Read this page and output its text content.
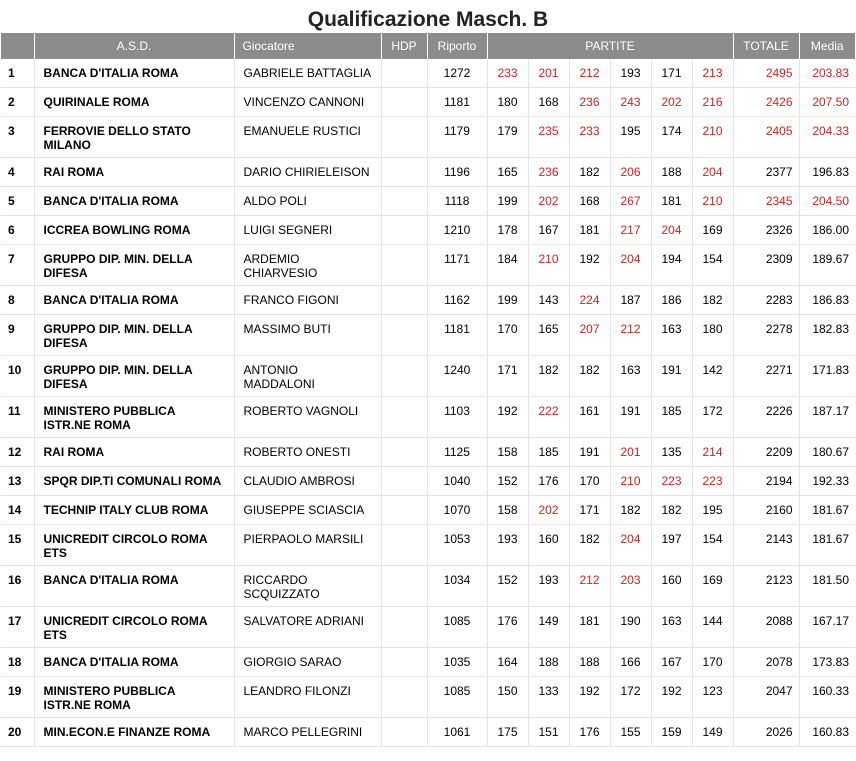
Qualificazione Masch. B
	A.S.D.	Giocatore	HDP	Riporto	PARTITE						TOTALE	Media
1	BANCA D'ITALIA ROMA	GABRIELE BATTAGLIA		1272	233	201	212	193	171	213	2495	203.83
2	QUIRINALE ROMA	VINCENZO CANNONI		1181	180	168	236	243	202	216	2426	207.50
3	FERROVIE DELLO STATO MILANO	EMANUELE RUSTICI		1179	179	235	233	195	174	210	2405	204.33
4	RAI ROMA	DARIO CHIRIELEISON		1196	165	236	182	206	188	204	2377	196.83
5	BANCA D'ITALIA ROMA	ALDO POLI		1118	199	202	168	267	181	210	2345	204.50
6	ICCREA BOWLING ROMA	LUIGI SEGNERI		1210	178	167	181	217	204	169	2326	186.00
7	GRUPPO DIP. MIN. DELLA DIFESA	ARDEMIO CHIARVESIO		1171	184	210	192	204	194	154	2309	189.67
8	BANCA D'ITALIA ROMA	FRANCO FIGONI		1162	199	143	224	187	186	182	2283	186.83
9	GRUPPO DIP. MIN. DELLA DIFESA	MASSIMO BUTI		1181	170	165	207	212	163	180	2278	182.83
10	GRUPPO DIP. MIN. DELLA DIFESA	ANTONIO MADDALONI		1240	171	182	182	163	191	142	2271	171.83
11	MINISTERO PUBBLICA ISTR.NE ROMA	ROBERTO VAGNOLI		1103	192	222	161	191	185	172	2226	187.17
12	RAI ROMA	ROBERTO ONESTI		1125	158	185	191	201	135	214	2209	180.67
13	SPQR DIP.TI COMUNALI ROMA	CLAUDIO AMBROSI		1040	152	176	170	210	223	223	2194	192.33
14	TECHNIP ITALY CLUB ROMA	GIUSEPPE SCIASCIA		1070	158	202	171	182	182	195	2160	181.67
15	UNICREDIT CIRCOLO ROMA ETS	PIERPAOLO MARSILI		1053	193	160	182	204	197	154	2143	181.67
16	BANCA D'ITALIA ROMA	RICCARDO SCQUIZZATO		1034	152	193	212	203	160	169	2123	181.50
17	UNICREDIT CIRCOLO ROMA ETS	SALVATORE ADRIANI		1085	176	149	181	190	163	144	2088	167.17
18	BANCA D'ITALIA ROMA	GIORGIO SARAO		1035	164	188	188	166	167	170	2078	173.83
19	MINISTERO PUBBLICA ISTR.NE ROMA	LEANDRO FILONZI		1085	150	133	192	172	192	123	2047	160.33
20	MIN.ECON.E FINANZE ROMA	MARCO PELLEGRINI		1061	175	151	176	155	159	149	2026	160.83
